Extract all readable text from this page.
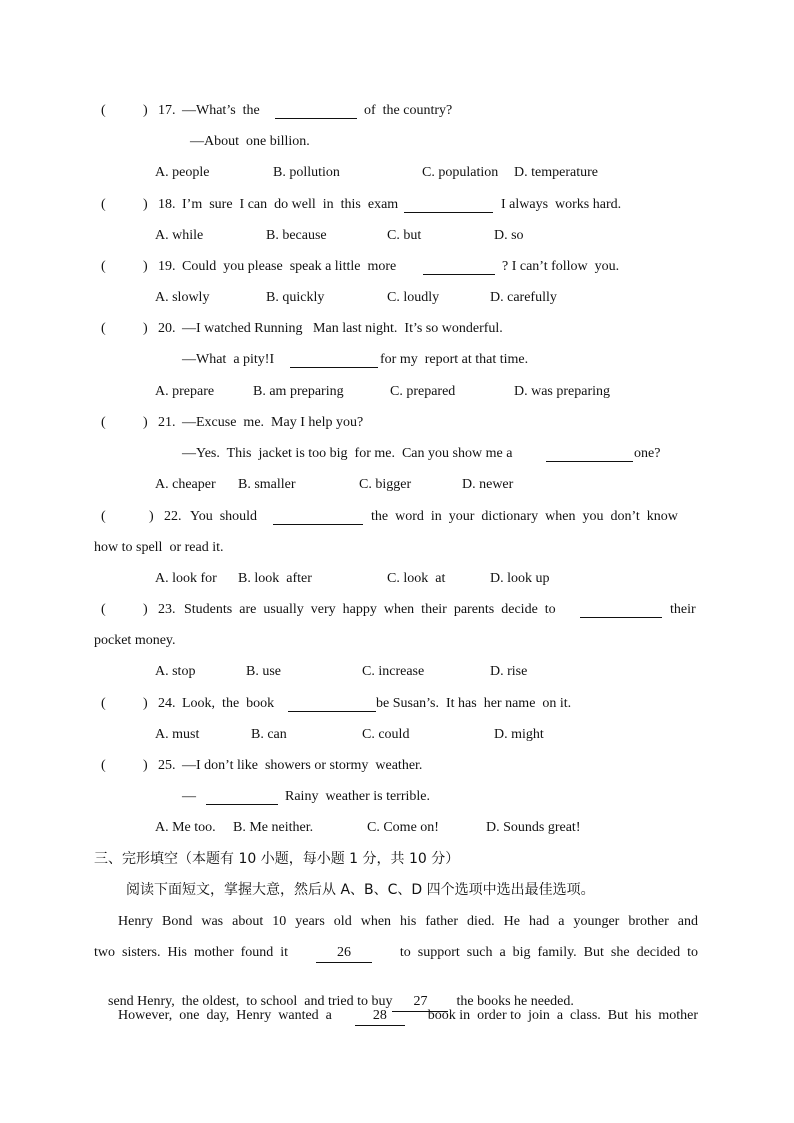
(	) 17. —What’s  the	of  the country?
—About  one billion.
A. people	B. pollution	C. population D. temperature
(	) 18. I’m  sure  I can  do well  in  this  exam	I always  works hard.
A. while	B. because	C. but	D. so
(	) 19. Could  you please  speak a little  more	? I can’t follow  you.
A. slowly	B. quickly	C. loudly	D. carefully
(	) 20. —I watched Running   Man last night.  It’s so wonderful.
—What  a pity!I	for my  report at that time.
A. prepare	B. am preparing	C. prepared	D. was preparing
(	) 21. —Excuse  me.  May I help you?
—Yes.  This  jacket is too big  for me.  Can you show me a	one?
A. cheaper B. smaller	C. bigger	D. newer
(	) 22. You  should	the  word  in  your  dictionary  when  you  don’t  know
how to spell  or read it.
A. look for B. look  after	C. look  at	D. look up
(	) 23. Students  are  usually  very  happy  when  their  parents  decide  to	their
pocket money.
A. stop	B. use	C. increase	D. rise
(	) 24. Look,  the  book	be Susan’s.  It has  her name  on it.
A. must	B. can	C. could	D. might
(	) 25. —I don’t like  showers or stormy  weather.
—	Rainy  weather is terrible.
A. Me too. B. Me neither.	C. Come on!	D. Sounds great!
三、完形填空（本题有 10 小题，每小题 1 分，共 10 分）
阅读下面短文，掌握大意，然后从 A、B、C、D 四个选项中选出最佳选项。
Henry Bond was about 10 years old when his father died. He had a younger brother and
two  sisters.  His  mother  found  it	26	to  support  such  a  big  family.  But  she  decided  to

send Henry,  the oldest,  to school  and tried to buy 27 the books he needed.

However,  one  day,  Henry  wanted  a	28	book in  order to  join  a  class.  But  his  mother
